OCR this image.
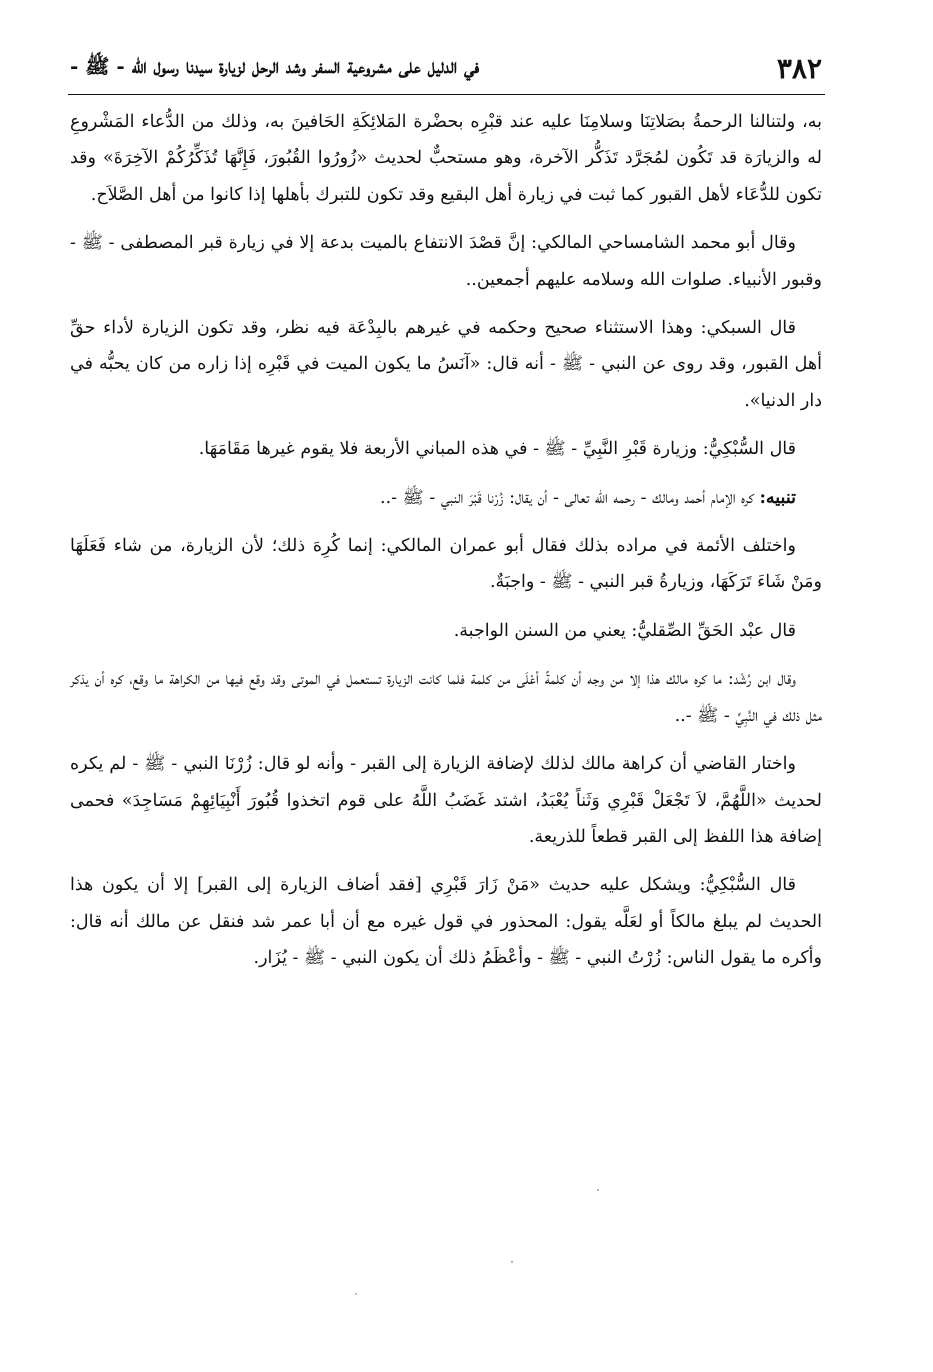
٣٨٢
في الدليل على مشروعية السفر وشد الرحل لزيارة سيدنا رسول الله - ﷺ -

به، ولتنالنا الرحمةُ بصَلاتِنَا وسلامِنَا عليه عند قبْرِه بحضْرة المَلائِكَةِ الحَافينَ به، وذلك من الدُّعاء المَشْروعِ له والزيارَة قد تَكُون لمُجَرَّد تَذَكُّر الآخرة، وهو مستحبٌّ لحديث «زُورُوا القُبُورَ، فَإِنَّهَا تُذَكِّرُكُمْ الآخِرَةَ» وقد تكون للدُّعَاء لأهل القبور كما ثبت في زيارة أهل البقيع وقد تكون للتبرك بأهلها إذا كانوا من أهل الصَّلاَح.

وقال أبو محمد الشامساحي المالكي: إنَّ قصْدَ الانتفاع بالميت بدعة إلا في زيارة قبر المصطفى - ﷺ - وقبور الأنبياء. صلوات الله وسلامه عليهم أجمعين..

قال السبكي: وهذا الاستثناء صحيح وحكمه في غيرهم بالبِدْعَة فيه نظر، وقد تكون الزيارة لأداء حقِّ أهل القبور، وقد روى عن النبي - ﷺ - أنه قال: «آنَسُ ما يكون الميت في قَبْرِه إذا زاره من كان يحبُّه في دار الدنيا».

قال السُّبْكِيُّ: وزيارة قَبْرِ النَّبِيِّ - ﷺ - في هذه المباني الأربعة فلا يقوم غيرها مَقَامَهَا.

تنبيه: كره الإمام أحمد ومالك - رحمه الله تعالى - أن يقال: زُرْنا قَبْرَ النبي - ﷺ -..

واختلف الأئمة في مراده بذلك فقال أبو عمران المالكي: إنما كُرِهَ ذلك؛ لأن الزيارة، من شاء فَعَلَهَا ومَنْ شَاءَ تَرَكَهَا، وزيارةُ قبر النبي - ﷺ - واجبَةٌ.

قال عبْد الحَقِّ الصِّقليُّ: يعني من السنن الواجبة.

وقال ابن رُشْد: ما كره مالك هذا إلا من وجه أن كلمةً أعْلَى من كلمة فلما كانت الزيارة تستعمل في الموتى وقد وقع فيها من الكراهة ما وقع، كره أن يذكر مثل ذلك في النَّبِيِّ - ﷺ -..

واختار القاضي أن كراهة مالك لذلك لإضافة الزيارة إلى القبر - وأنه لو قال: زُرْنَا النبي - ﷺ - لم يكره لحديث «اللَّهُمَّ، لاَ تَجْعَلْ قَبْرِي وَثَناً يُعْبَدُ، اشتد غَضَبُ اللَّهُ على قوم اتخذوا قُبُورَ أَنْبِيَائِهِمْ مَسَاجِدَ» فحمى إضافة هذا اللفظ إلى القبر قطعاً للذريعة.

قال السُّبْكِيُّ: ويشكل عليه حديث «مَنْ زَارَ قَبْرِي [فقد أضاف الزيارة إلى القبر] إلا أن يكون هذا الحديث لم يبلغ مالكاً أو لعَلَّه يقول: المحذور في قول غيره مع أن أبا عمر شد فنقل عن مالك أنه قال: وأكره ما يقول الناس: زُرْتُ النبي - ﷺ - وأعْظَمُ ذلك أن يكون النبي - ﷺ - يُزَار.
